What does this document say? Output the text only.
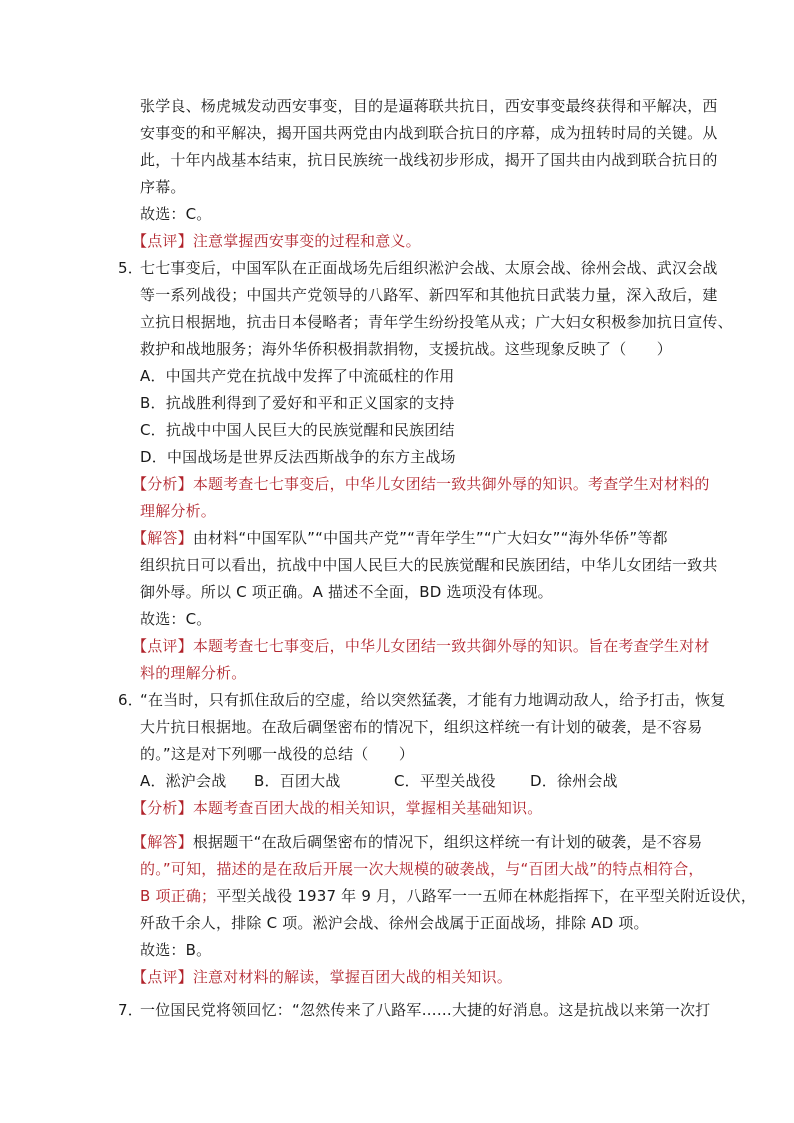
张学良、杨虎城发动西安事变，目的是逼蒋联共抗日，西安事变最终获得和平解决，西
安事变的和平解决，揭开国共两党由内战到联合抗日的序幕，成为扭转时局的关键。从
此，十年内战基本结束，抗日民族统一战线初步形成，揭开了国共由内战到联合抗日的
序幕。
故选：C。
【点评】注意掌握西安事变的过程和意义。
5．
七七事变后，中国军队在正面战场先后组织淞沪会战、太原会战、徐州会战、武汉会战
等一系列战役；中国共产党领导的八路军、新四军和其他抗日武装力量，深入敌后，建
立抗日根据地，抗击日本侵略者；青年学生纷纷投笔从戎；广大妇女积极参加抗日宣传、
救护和战地服务；海外华侨积极捐款捐物，支援抗战。这些现象反映了（　　）
A．中国共产党在抗战中发挥了中流砥柱的作用
B．抗战胜利得到了爱好和平和正义国家的支持
C．抗战中中国人民巨大的民族觉醒和民族团结
D．中国战场是世界反法西斯战争的东方主战场
【分析】本题考查七七事变后，中华儿女团结一致共御外辱的知识。考查学生对材料的
理解分析。
【解答】由材料“中国军队”“中国共产党”“青年学生”“广大妇女”“海外华侨”等都
组织抗日可以看出，抗战中中国人民巨大的民族觉醒和民族团结，中华儿女团结一致共
御外辱。所以 C 项正确。A 描述不全面，BD 选项没有体现。
故选：C。
【点评】本题考查七七事变后，中华儿女团结一致共御外辱的知识。旨在考查学生对材
料的理解分析。
6．
“在当时，只有抓住敌后的空虚，给以突然猛袭，才能有力地调动敌人，给予打击，恢复
大片抗日根据地。在敌后碉堡密布的情况下，组织这样统一有计划的破袭，是不容易
的。”这是对下列哪一战役的总结（　　）
A．淞沪会战 B．百团大战	C．平型关战役 D．徐州会战
【分析】本题考查百团大战的相关知识，掌握相关基础知识。
【解答】根据题干“在敌后碉堡密布的情况下，组织这样统一有计划的破袭，是不容易
的。”可知，描述的是在敌后开展一次大规模的破袭战，与“百团大战”的特点相符合，
B 项正确；平型关战役 1937 年 9 月，八路军一一五师在林彪指挥下，在平型关附近设伏，
歼敌千余人，排除 C 项。淞沪会战、徐州会战属于正面战场，排除 AD 项。
故选：B。
【点评】注意对材料的解读，掌握百团大战的相关知识。
7．
一位国民党将领回忆：“忽然传来了八路军……大捷的好消息。这是抗战以来第一次打
